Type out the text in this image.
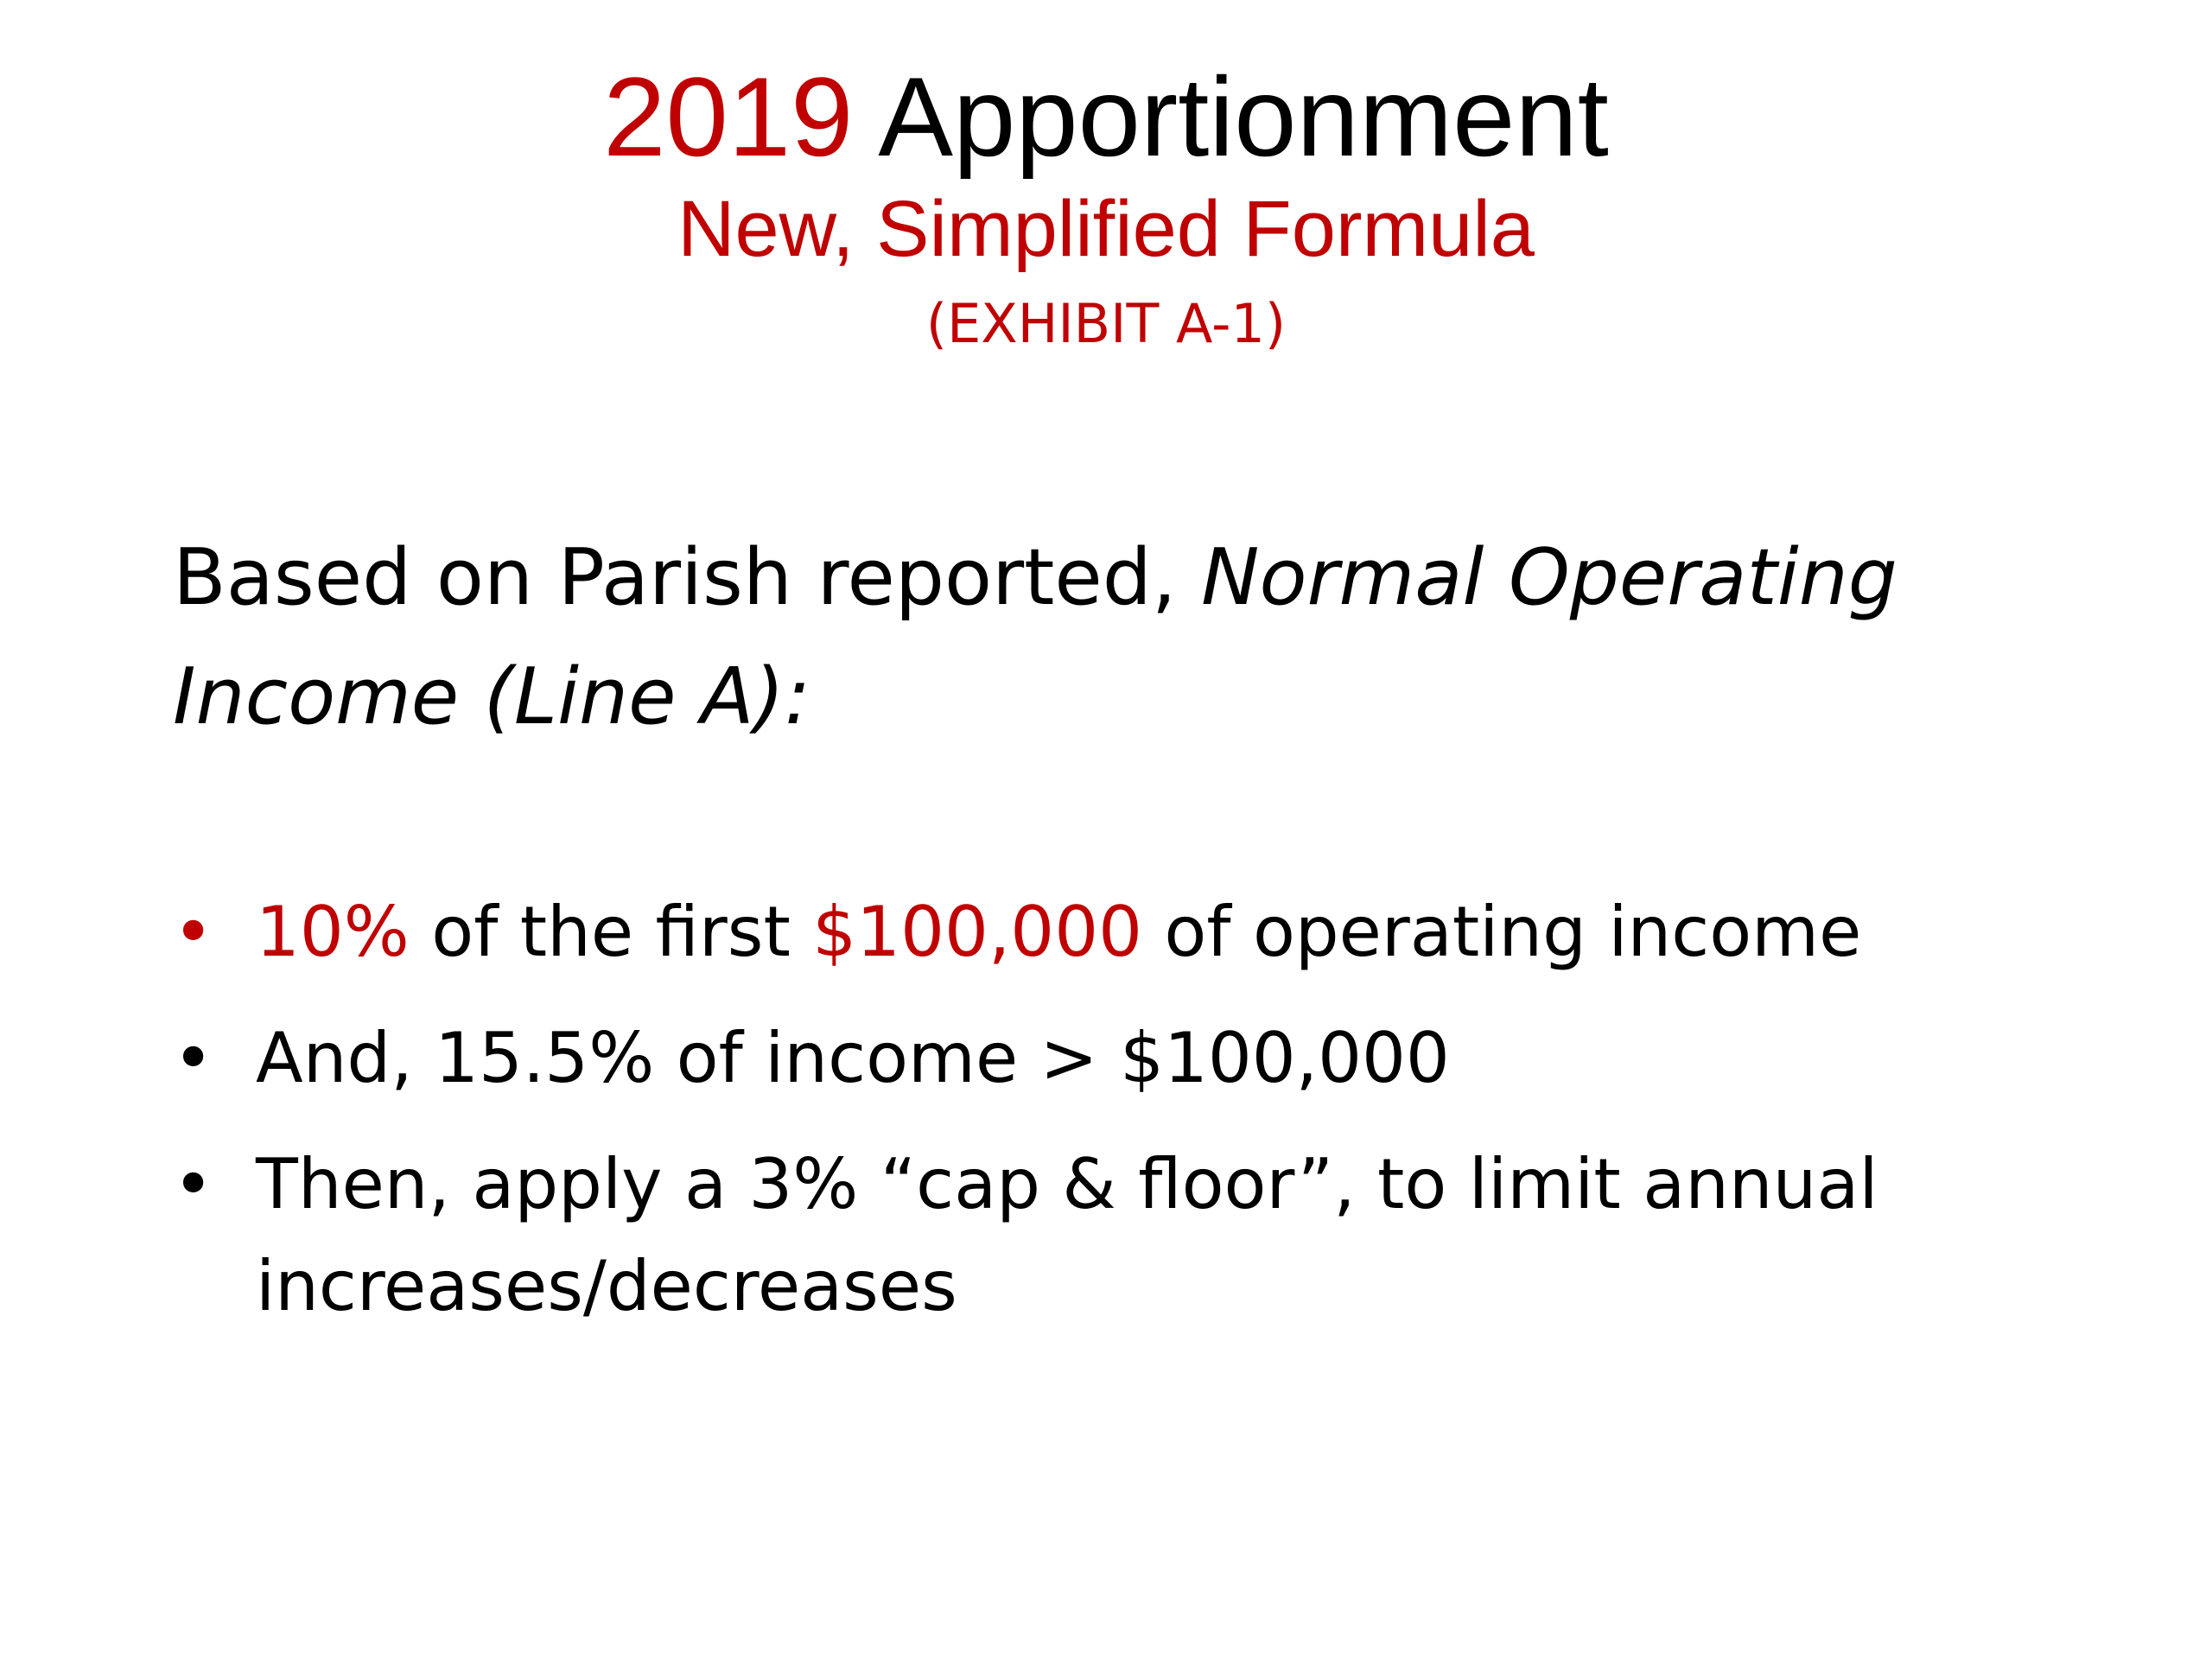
2019 Apportionment
New, Simplified Formula
(EXHIBIT A-1)
Based on Parish reported, Normal Operating Income (Line A):
• 10% of the first $100,000 of operating income
• And, 15.5% of income > $100,000
• Then, apply a 3% “cap & floor”, to limit annual increases/decreases
